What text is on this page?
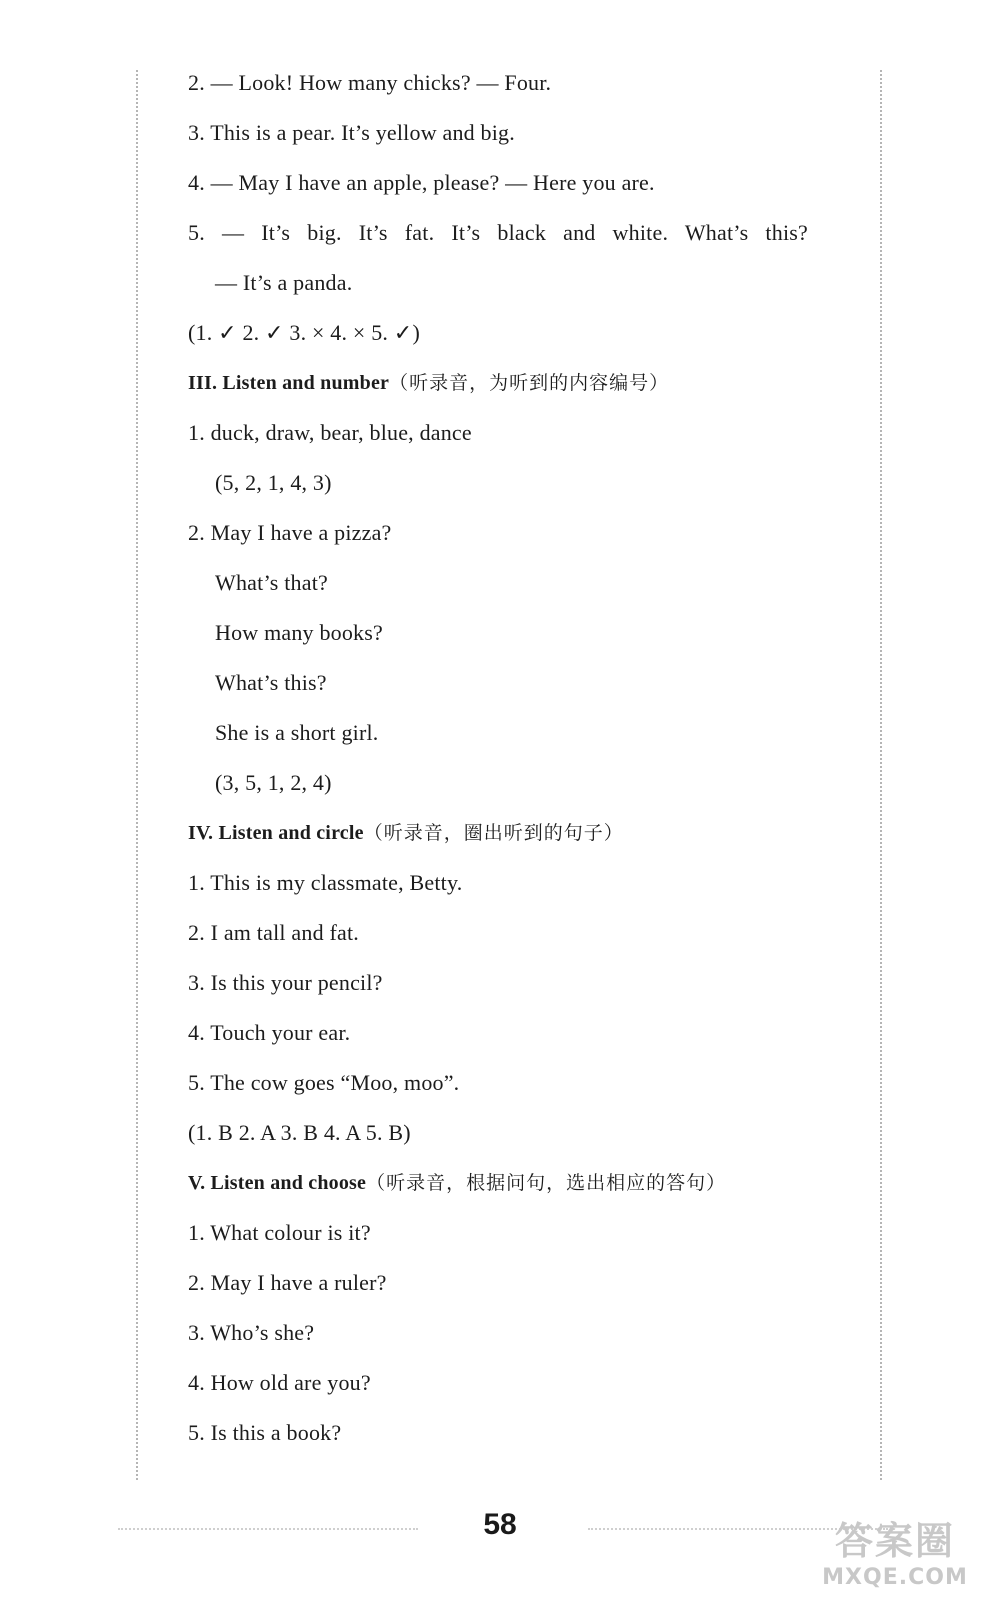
2. — Look! How many chicks? — Four.
3. This is a pear. It’s yellow and big.
4. — May I have an apple, please? — Here you are.
5. — It’s big. It’s fat. It’s black and white. What’s this?
— It’s a panda.
(1. ✓ 2. ✓ 3. × 4. × 5. ✓)
III. Listen and number（听录音，为听到的内容编号）
1. duck, draw, bear, blue, dance
(5, 2, 1, 4, 3)
2. May I have a pizza?
What’s that?
How many books?
What’s this?
She is a short girl.
(3, 5, 1, 2, 4)
IV. Listen and circle（听录音，圈出听到的句子）
1. This is my classmate, Betty.
2. I am tall and fat.
3. Is this your pencil?
4. Touch your ear.
5. The cow goes “Moo, moo”.
(1. B 2. A 3. B 4. A 5. B)
V. Listen and choose（听录音，根据问句，选出相应的答句）
1. What colour is it?
2. May I have a ruler?
3. Who’s she?
4. How old are you?
5. Is this a book?
58	答案圈
MXQE.COM
